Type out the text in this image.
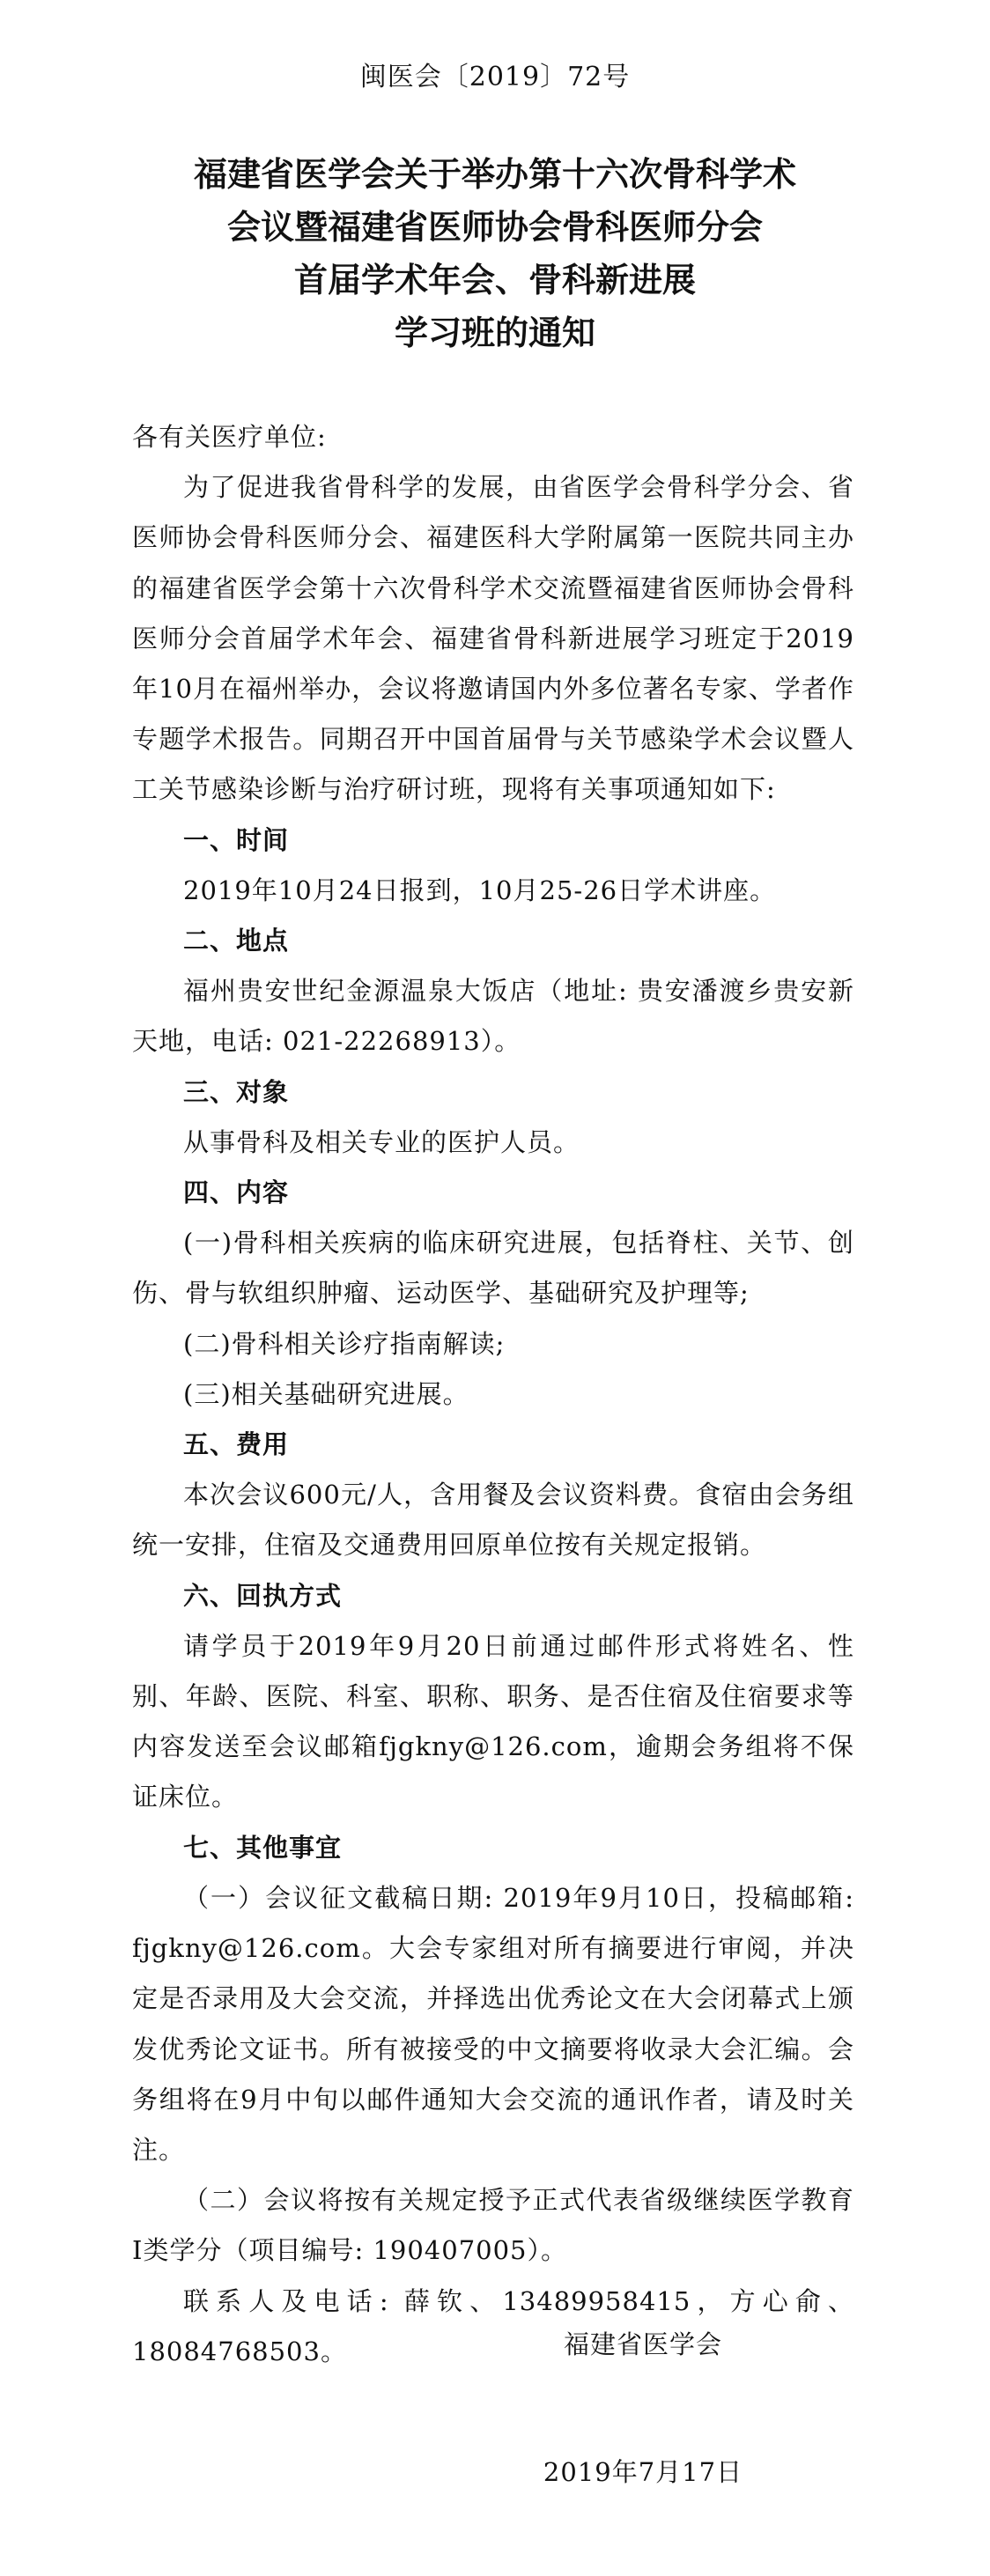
闽医会〔2019〕72号
福建省医学会关于举办第十六次骨科学术
会议暨福建省医师协会骨科医师分会
首届学术年会、骨科新进展
学习班的通知

各有关医疗单位:

为了促进我省骨科学的发展，由省医学会骨科学分会、省医师协会骨科医师分会、福建医科大学附属第一医院共同主办的福建省医学会第十六次骨科学术交流暨福建省医师协会骨科医师分会首届学术年会、福建省骨科新进展学习班定于2019年10月在福州举办，会议将邀请国内外多位著名专家、学者作专题学术报告。同期召开中国首届骨与关节感染学术会议暨人工关节感染诊断与治疗研讨班，现将有关事项通知如下:

一、时间

2019年10月24日报到，10月25-26日学术讲座。

二、地点

福州贵安世纪金源温泉大饭店（地址: 贵安潘渡乡贵安新天地，电话: 021-22268913）。

三、对象

从事骨科及相关专业的医护人员。

四、内容

(一)骨科相关疾病的临床研究进展，包括脊柱、关节、创伤、骨与软组织肿瘤、运动医学、基础研究及护理等;

(二)骨科相关诊疗指南解读;

(三)相关基础研究进展。

五、费用

本次会议600元/人，含用餐及会议资料费。食宿由会务组统一安排，住宿及交通费用回原单位按有关规定报销。

六、回执方式

请学员于2019年9月20日前通过邮件形式将姓名、性别、年龄、医院、科室、职称、职务、是否住宿及住宿要求等内容发送至会议邮箱fjgkny@126.com，逾期会务组将不保证床位。

七、其他事宜

（一）会议征文截稿日期: 2019年9月10日，投稿邮箱: fjgkny@126.com。大会专家组对所有摘要进行审阅，并决定是否录用及大会交流，并择选出优秀论文在大会闭幕式上颁发优秀论文证书。所有被接受的中文摘要将收录大会汇编。会务组将在9月中旬以邮件通知大会交流的通讯作者，请及时关注。

（二）会议将按有关规定授予正式代表省级继续医学教育Ⅰ类学分（项目编号: 190407005）。

联系人及电话: 薛钦、13489958415，方心俞、18084768503。	福建省医学会
2019年7月17日
